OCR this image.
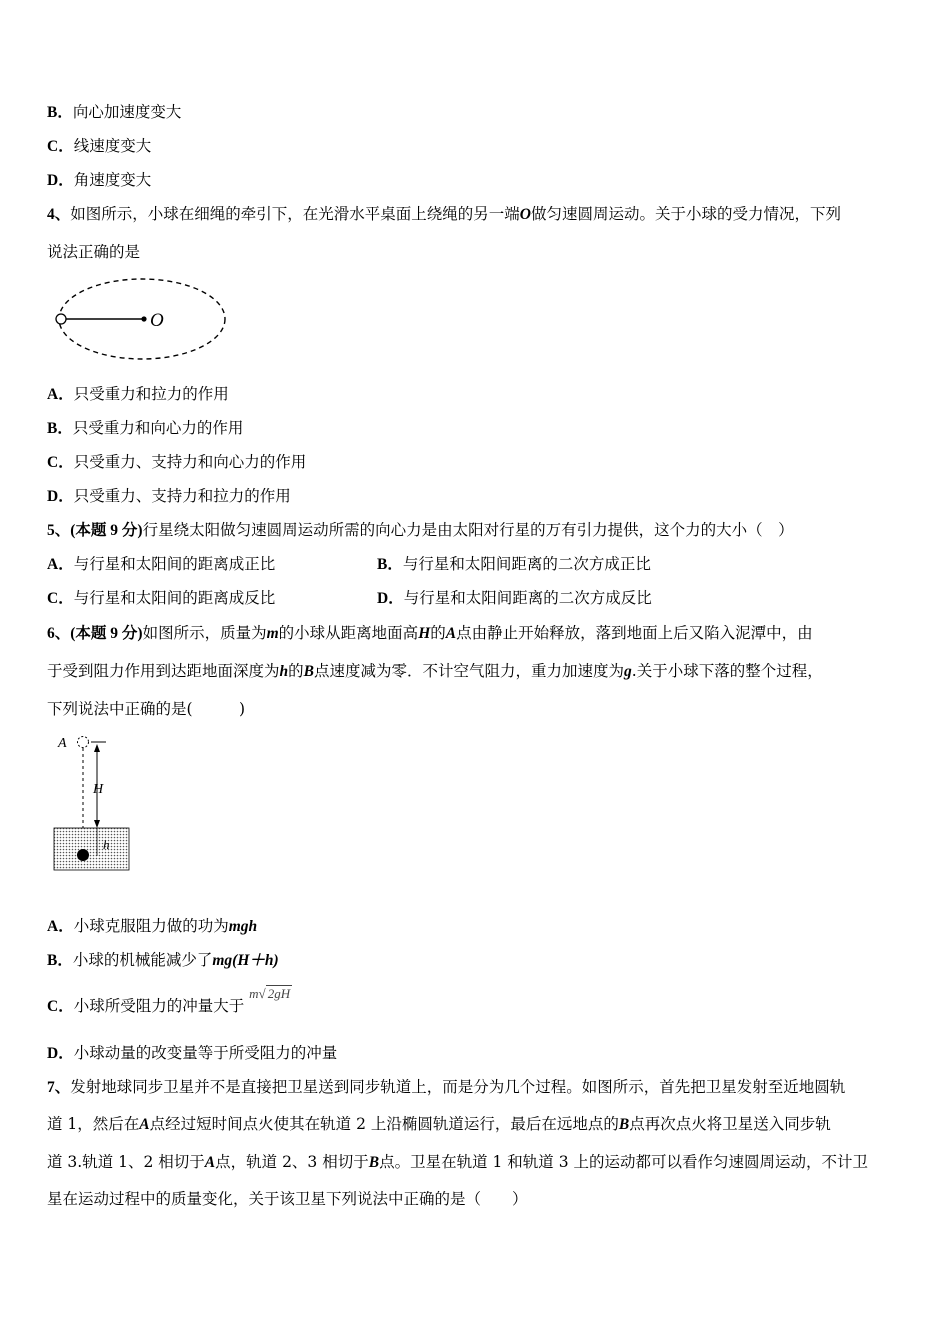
B．向心加速度变大
C．线速度变大
D．角速度变大
4、如图所示，小球在细绳的牵引下，在光滑水平桌面上绕绳的另一端O做匀速圆周运动。关于小球的受力情况，下列
说法正确的是
O
A．只受重力和拉力的作用
B．只受重力和向心力的作用
C．只受重力、支持力和向心力的作用
D．只受重力、支持力和拉力的作用
5、(本题 9 分)行星绕太阳做匀速圆周运动所需的向心力是由太阳对行星的万有引力提供，这个力的大小（　）
A．与行星和太阳间的距离成正比	B．与行星和太阳间距离的二次方成正比
C．与行星和太阳间的距离成反比	D．与行星和太阳间距离的二次方成反比
6、(本题 9 分)如图所示，质量为m的小球从距离地面高H的A点由静止开始释放，落到地面上后又陷入泥潭中，由
于受到阻力作用到达距地面深度为h的B点速度减为零．不计空气阻力，重力加速度为g.关于小球下落的整个过程，
下列说法中正确的是(　　　)
A
H
h
A．小球克服阻力做的功为mgh
B．小球的机械能减少了mg(H＋h)
C．小球所受阻力的冲量大于 $^{m√ 2gH}$
D．小球动量的改变量等于所受阻力的冲量
7、发射地球同步卫星并不是直接把卫星送到同步轨道上，而是分为几个过程。如图所示，首先把卫星发射至近地圆轨
道 1，然后在A点经过短时间点火使其在轨道 2 上沿椭圆轨道运行，最后在远地点的B点再次点火将卫星送入同步轨
道 3.轨道 1、2 相切于A点，轨道 2、3 相切于B点。卫星在轨道 1 和轨道 3 上的运动都可以看作匀速圆周运动，不计卫
星在运动过程中的质量变化，关于该卫星下列说法中正确的是（　　）
